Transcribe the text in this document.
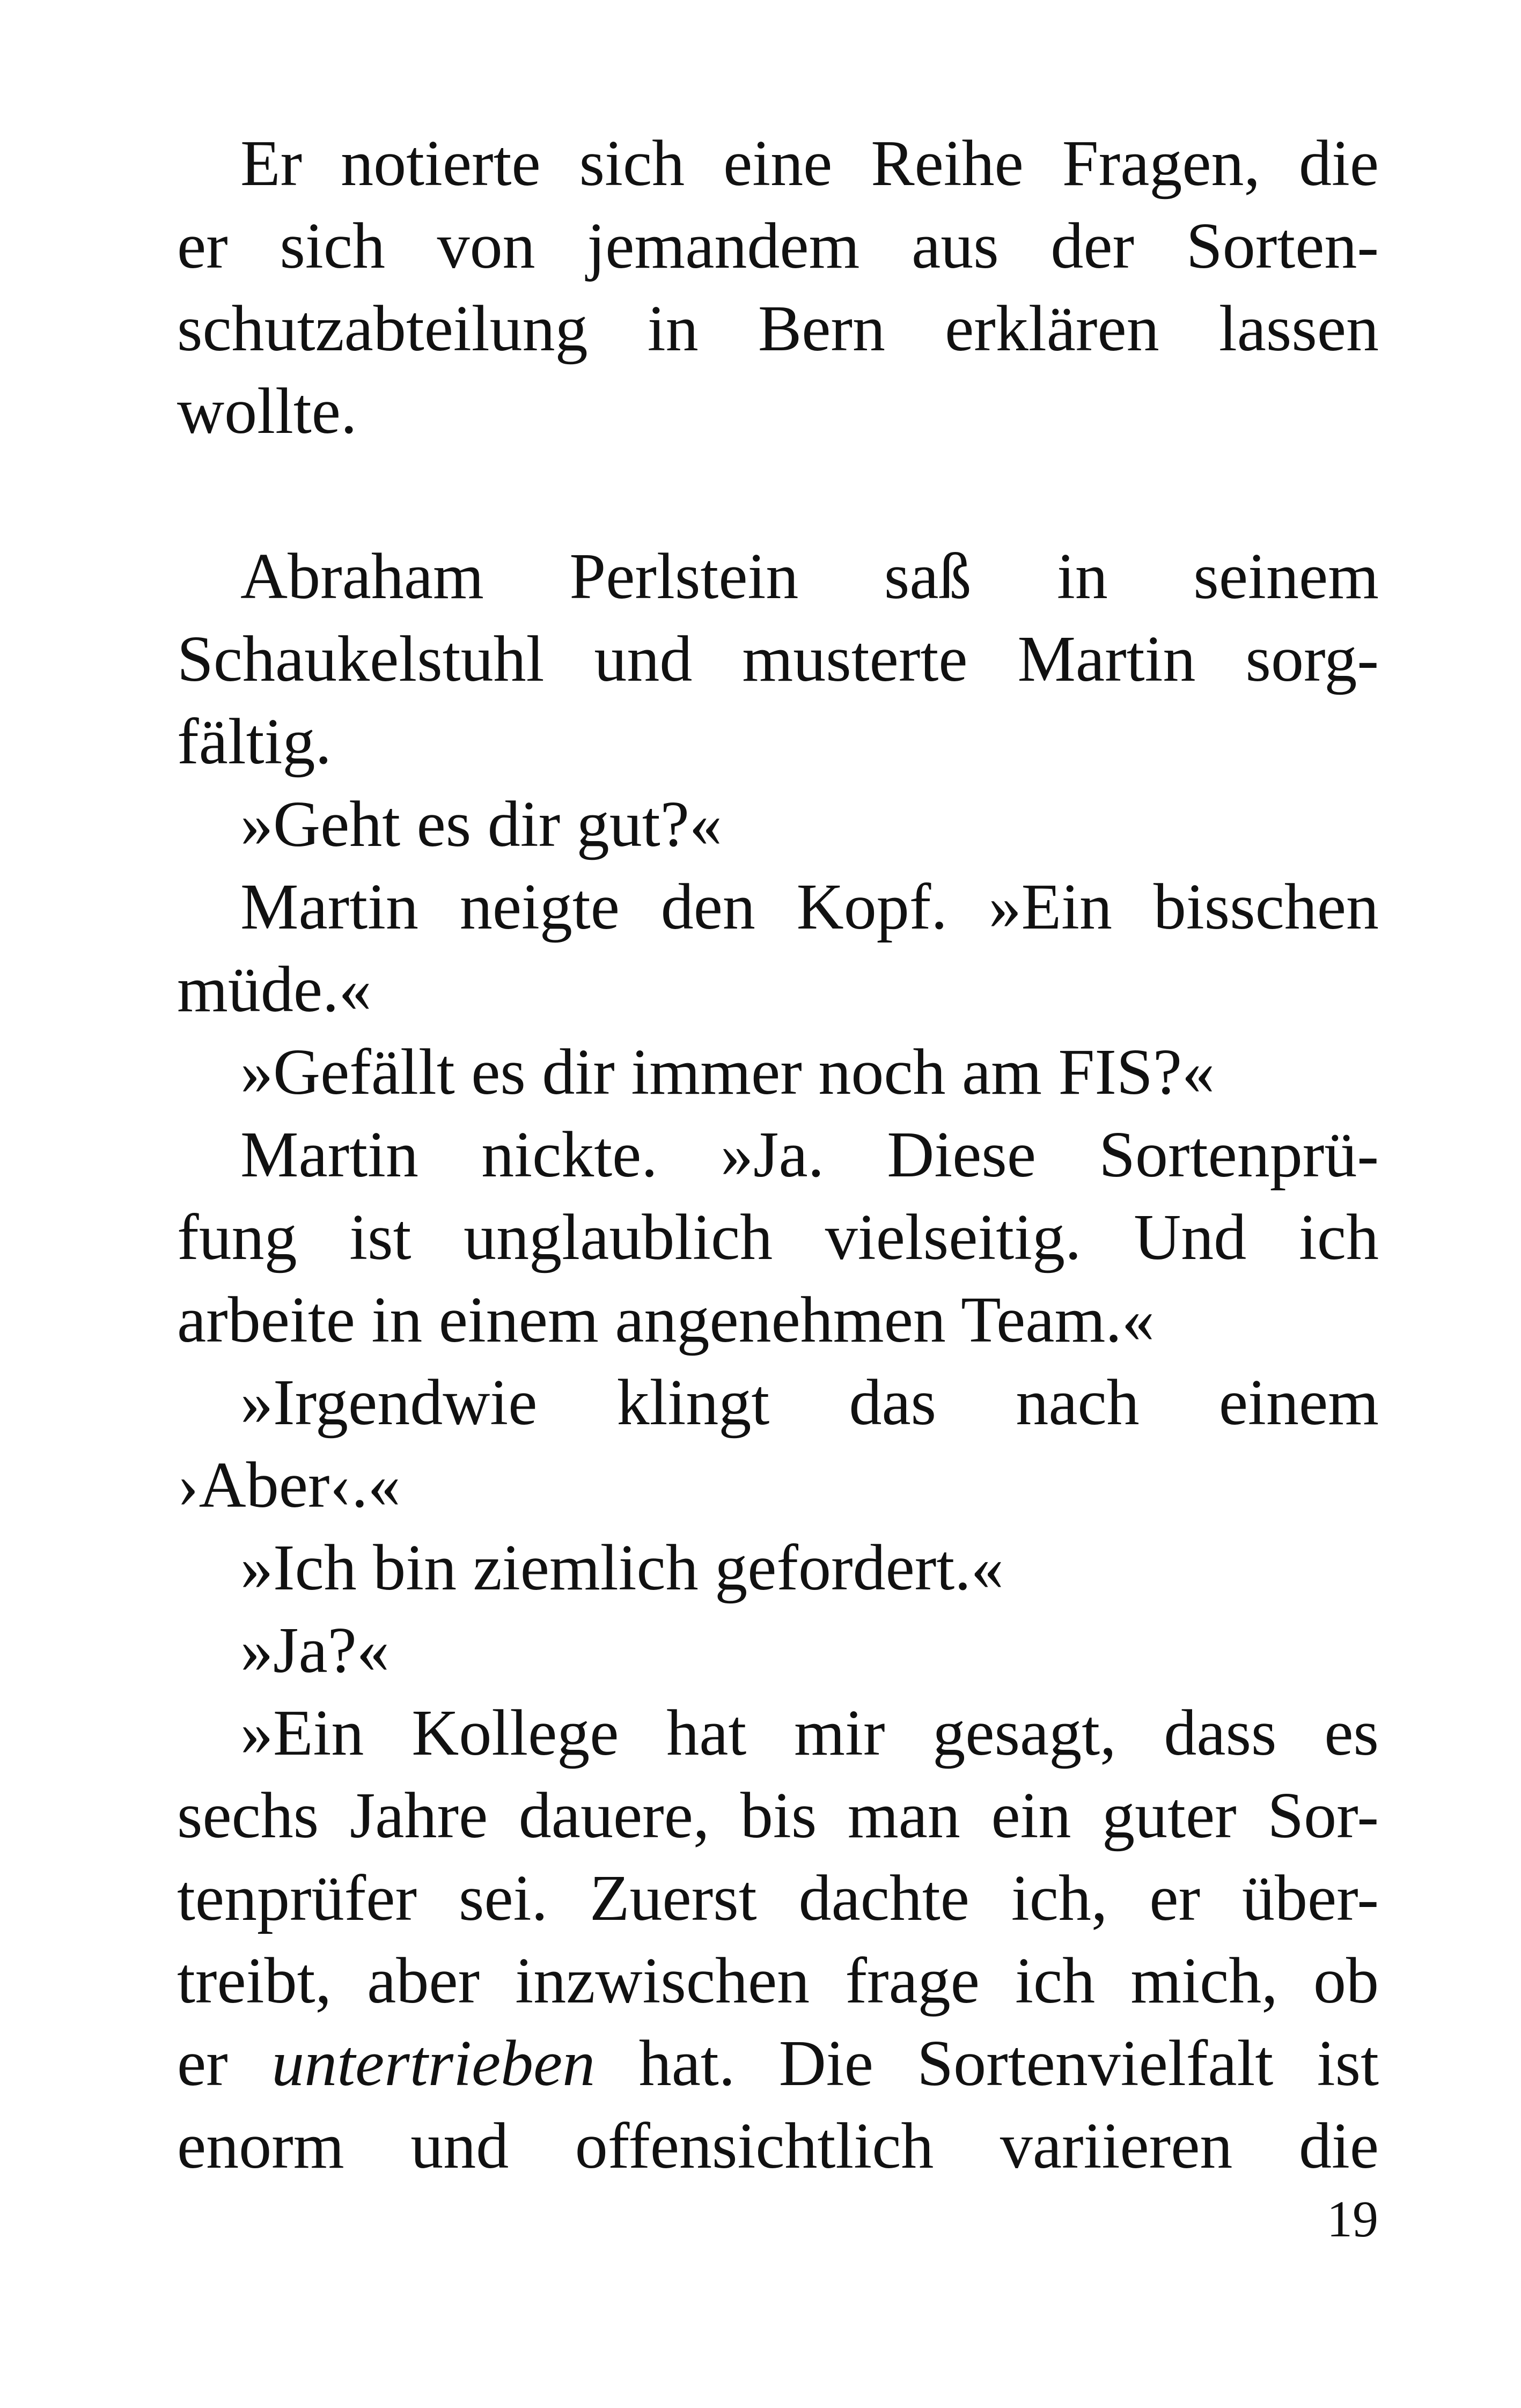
Er notierte sich eine Reihe Fragen, die
er sich von jemandem aus der Sorten-
schutzabteilung in Bern erklären lassen
wollte.
Abraham Perlstein saß in seinem
Schaukelstuhl und musterte Martin sorg-
fältig.
»Geht es dir gut?«
Martin neigte den Kopf. »Ein bisschen
müde.«
»Gefällt es dir immer noch am FIS?«
Martin nickte. »Ja. Diese Sortenprü-
fung ist unglaublich vielseitig. Und ich
arbeite in einem angenehmen Team.«
»Irgendwie klingt das nach einem
›Aber‹.«
»Ich bin ziemlich gefordert.«
»Ja?«
»Ein Kollege hat mir gesagt, dass es
sechs Jahre dauere, bis man ein guter Sor-
tenprüfer sei. Zuerst dachte ich, er über-
treibt, aber inzwischen frage ich mich, ob
er untertrieben hat. Die Sortenvielfalt ist
enorm und offensichtlich variieren die
19
